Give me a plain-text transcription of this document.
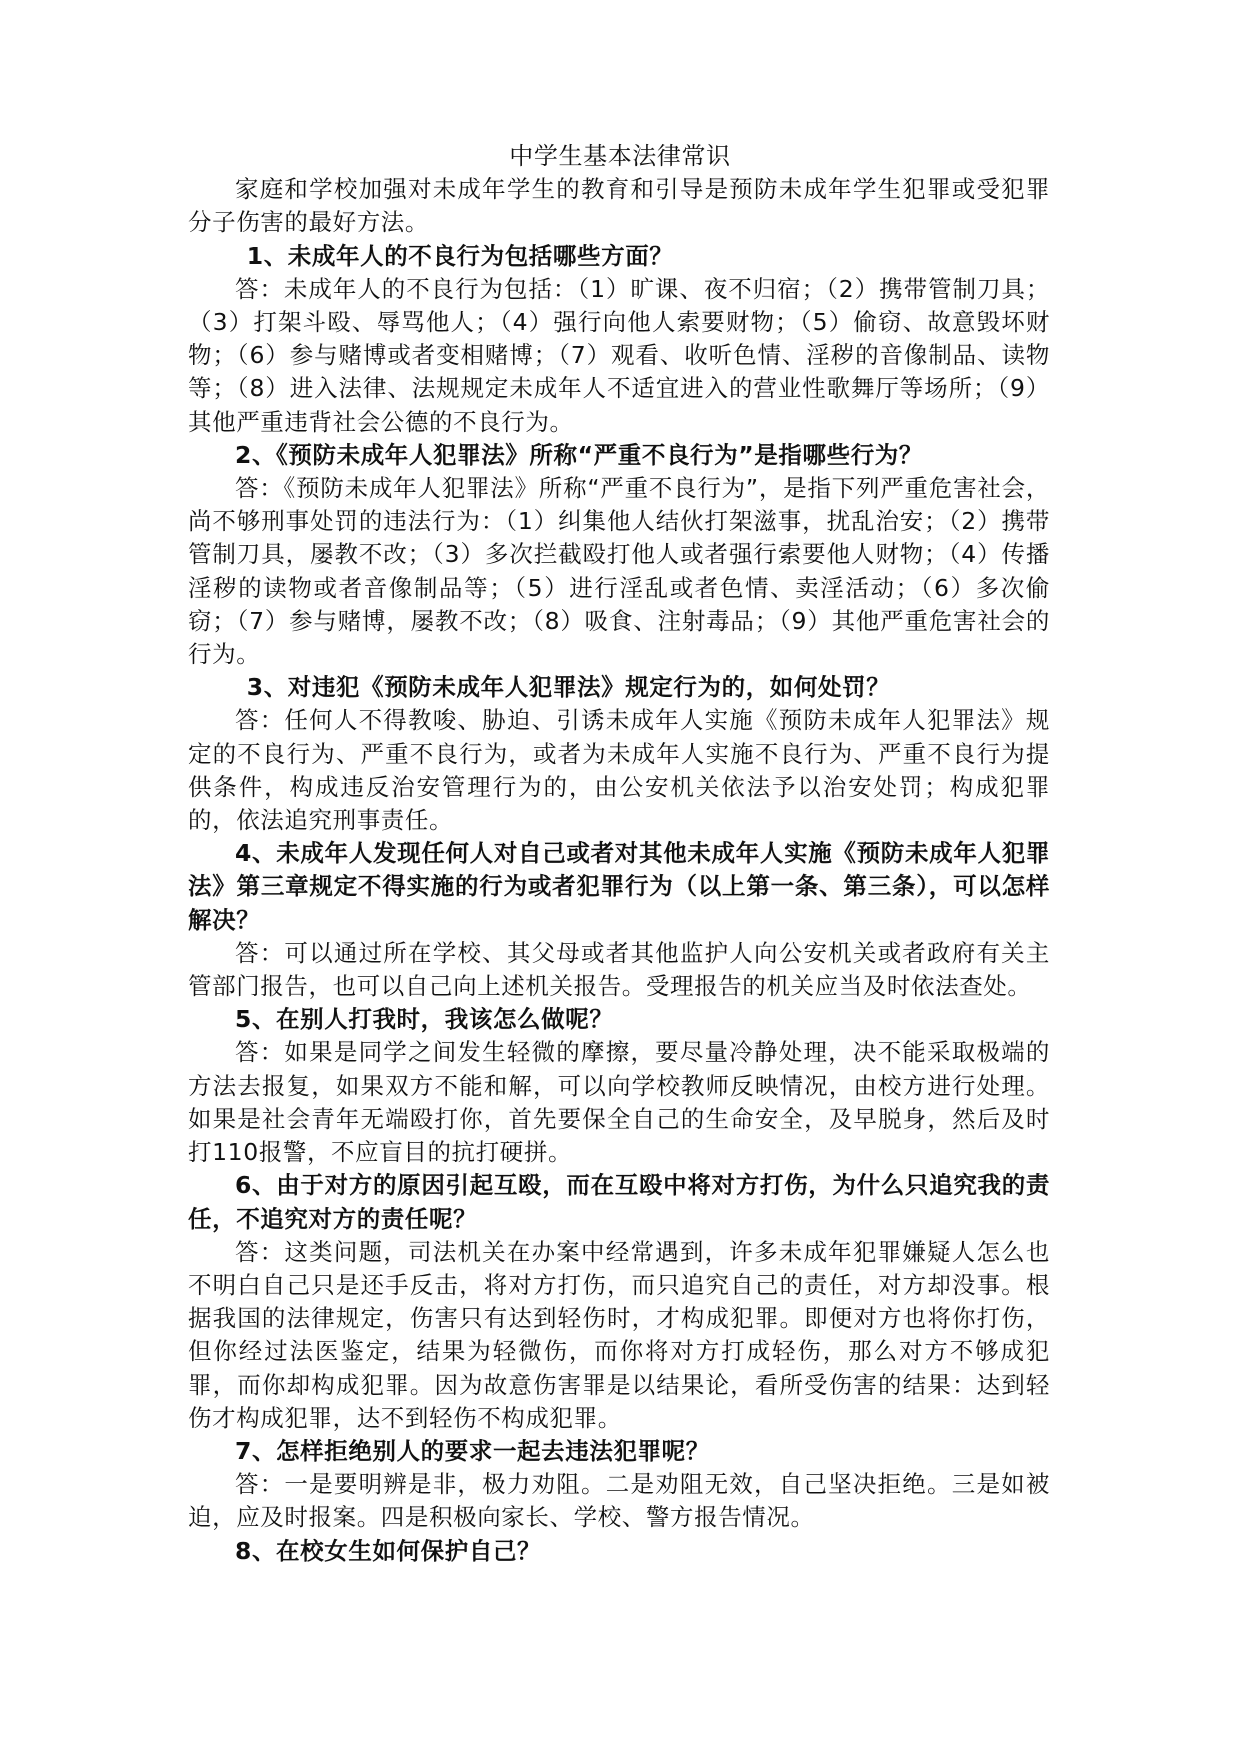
中学生基本法律常识

家庭和学校加强对未成年学生的教育和引导是预防未成年学生犯罪或受犯罪分子伤害的最好方法。

1、未成年人的不良行为包括哪些方面？

答：未成年人的不良行为包括：（1）旷课、夜不归宿；（2）携带管制刀具；（3）打架斗殴、辱骂他人；（4）强行向他人索要财物；（5）偷窃、故意毁坏财物；（6）参与赌博或者变相赌博；（7）观看、收听色情、淫秽的音像制品、读物等；（8）进入法律、法规规定未成年人不适宜进入的营业性歌舞厅等场所；（9）其他严重违背社会公德的不良行为。

2、《预防未成年人犯罪法》所称“严重不良行为”是指哪些行为？

答：《预防未成年人犯罪法》所称“严重不良行为”，是指下列严重危害社会，尚不够刑事处罚的违法行为：（1）纠集他人结伙打架滋事，扰乱治安；（2）携带管制刀具，屡教不改；（3）多次拦截殴打他人或者强行索要他人财物；（4）传播淫秽的读物或者音像制品等；（5）进行淫乱或者色情、卖淫活动；（6）多次偷窃；（7）参与赌博，屡教不改；（8）吸食、注射毒品；（9）其他严重危害社会的行为。

3、对违犯《预防未成年人犯罪法》规定行为的，如何处罚？

答：任何人不得教唆、胁迫、引诱未成年人实施《预防未成年人犯罪法》规定的不良行为、严重不良行为，或者为未成年人实施不良行为、严重不良行为提供条件，构成违反治安管理行为的，由公安机关依法予以治安处罚；构成犯罪的，依法追究刑事责任。

4、未成年人发现任何人对自己或者对其他未成年人实施《预防未成年人犯罪法》第三章规定不得实施的行为或者犯罪行为（以上第一条、第三条），可以怎样解决？

答：可以通过所在学校、其父母或者其他监护人向公安机关或者政府有关主管部门报告，也可以自己向上述机关报告。受理报告的机关应当及时依法查处。

5、在别人打我时，我该怎么做呢？

答：如果是同学之间发生轻微的摩擦，要尽量冷静处理，决不能采取极端的方法去报复，如果双方不能和解，可以向学校教师反映情况，由校方进行处理。如果是社会青年无端殴打你，首先要保全自己的生命安全，及早脱身，然后及时打110报警，不应盲目的抗打硬拼。

6、由于对方的原因引起互殴，而在互殴中将对方打伤，为什么只追究我的责任，不追究对方的责任呢？

答：这类问题，司法机关在办案中经常遇到，许多未成年犯罪嫌疑人怎么也不明白自己只是还手反击，将对方打伤，而只追究自己的责任，对方却没事。根据我国的法律规定，伤害只有达到轻伤时，才构成犯罪。即便对方也将你打伤，但你经过法医鉴定，结果为轻微伤，而你将对方打成轻伤，那么对方不够成犯罪，而你却构成犯罪。因为故意伤害罪是以结果论，看所受伤害的结果：达到轻伤才构成犯罪，达不到轻伤不构成犯罪。

7、怎样拒绝别人的要求一起去违法犯罪呢？

答：一是要明辨是非，极力劝阻。二是劝阻无效，自己坚决拒绝。三是如被迫，应及时报案。四是积极向家长、学校、警方报告情况。

8、在校女生如何保护自己？
